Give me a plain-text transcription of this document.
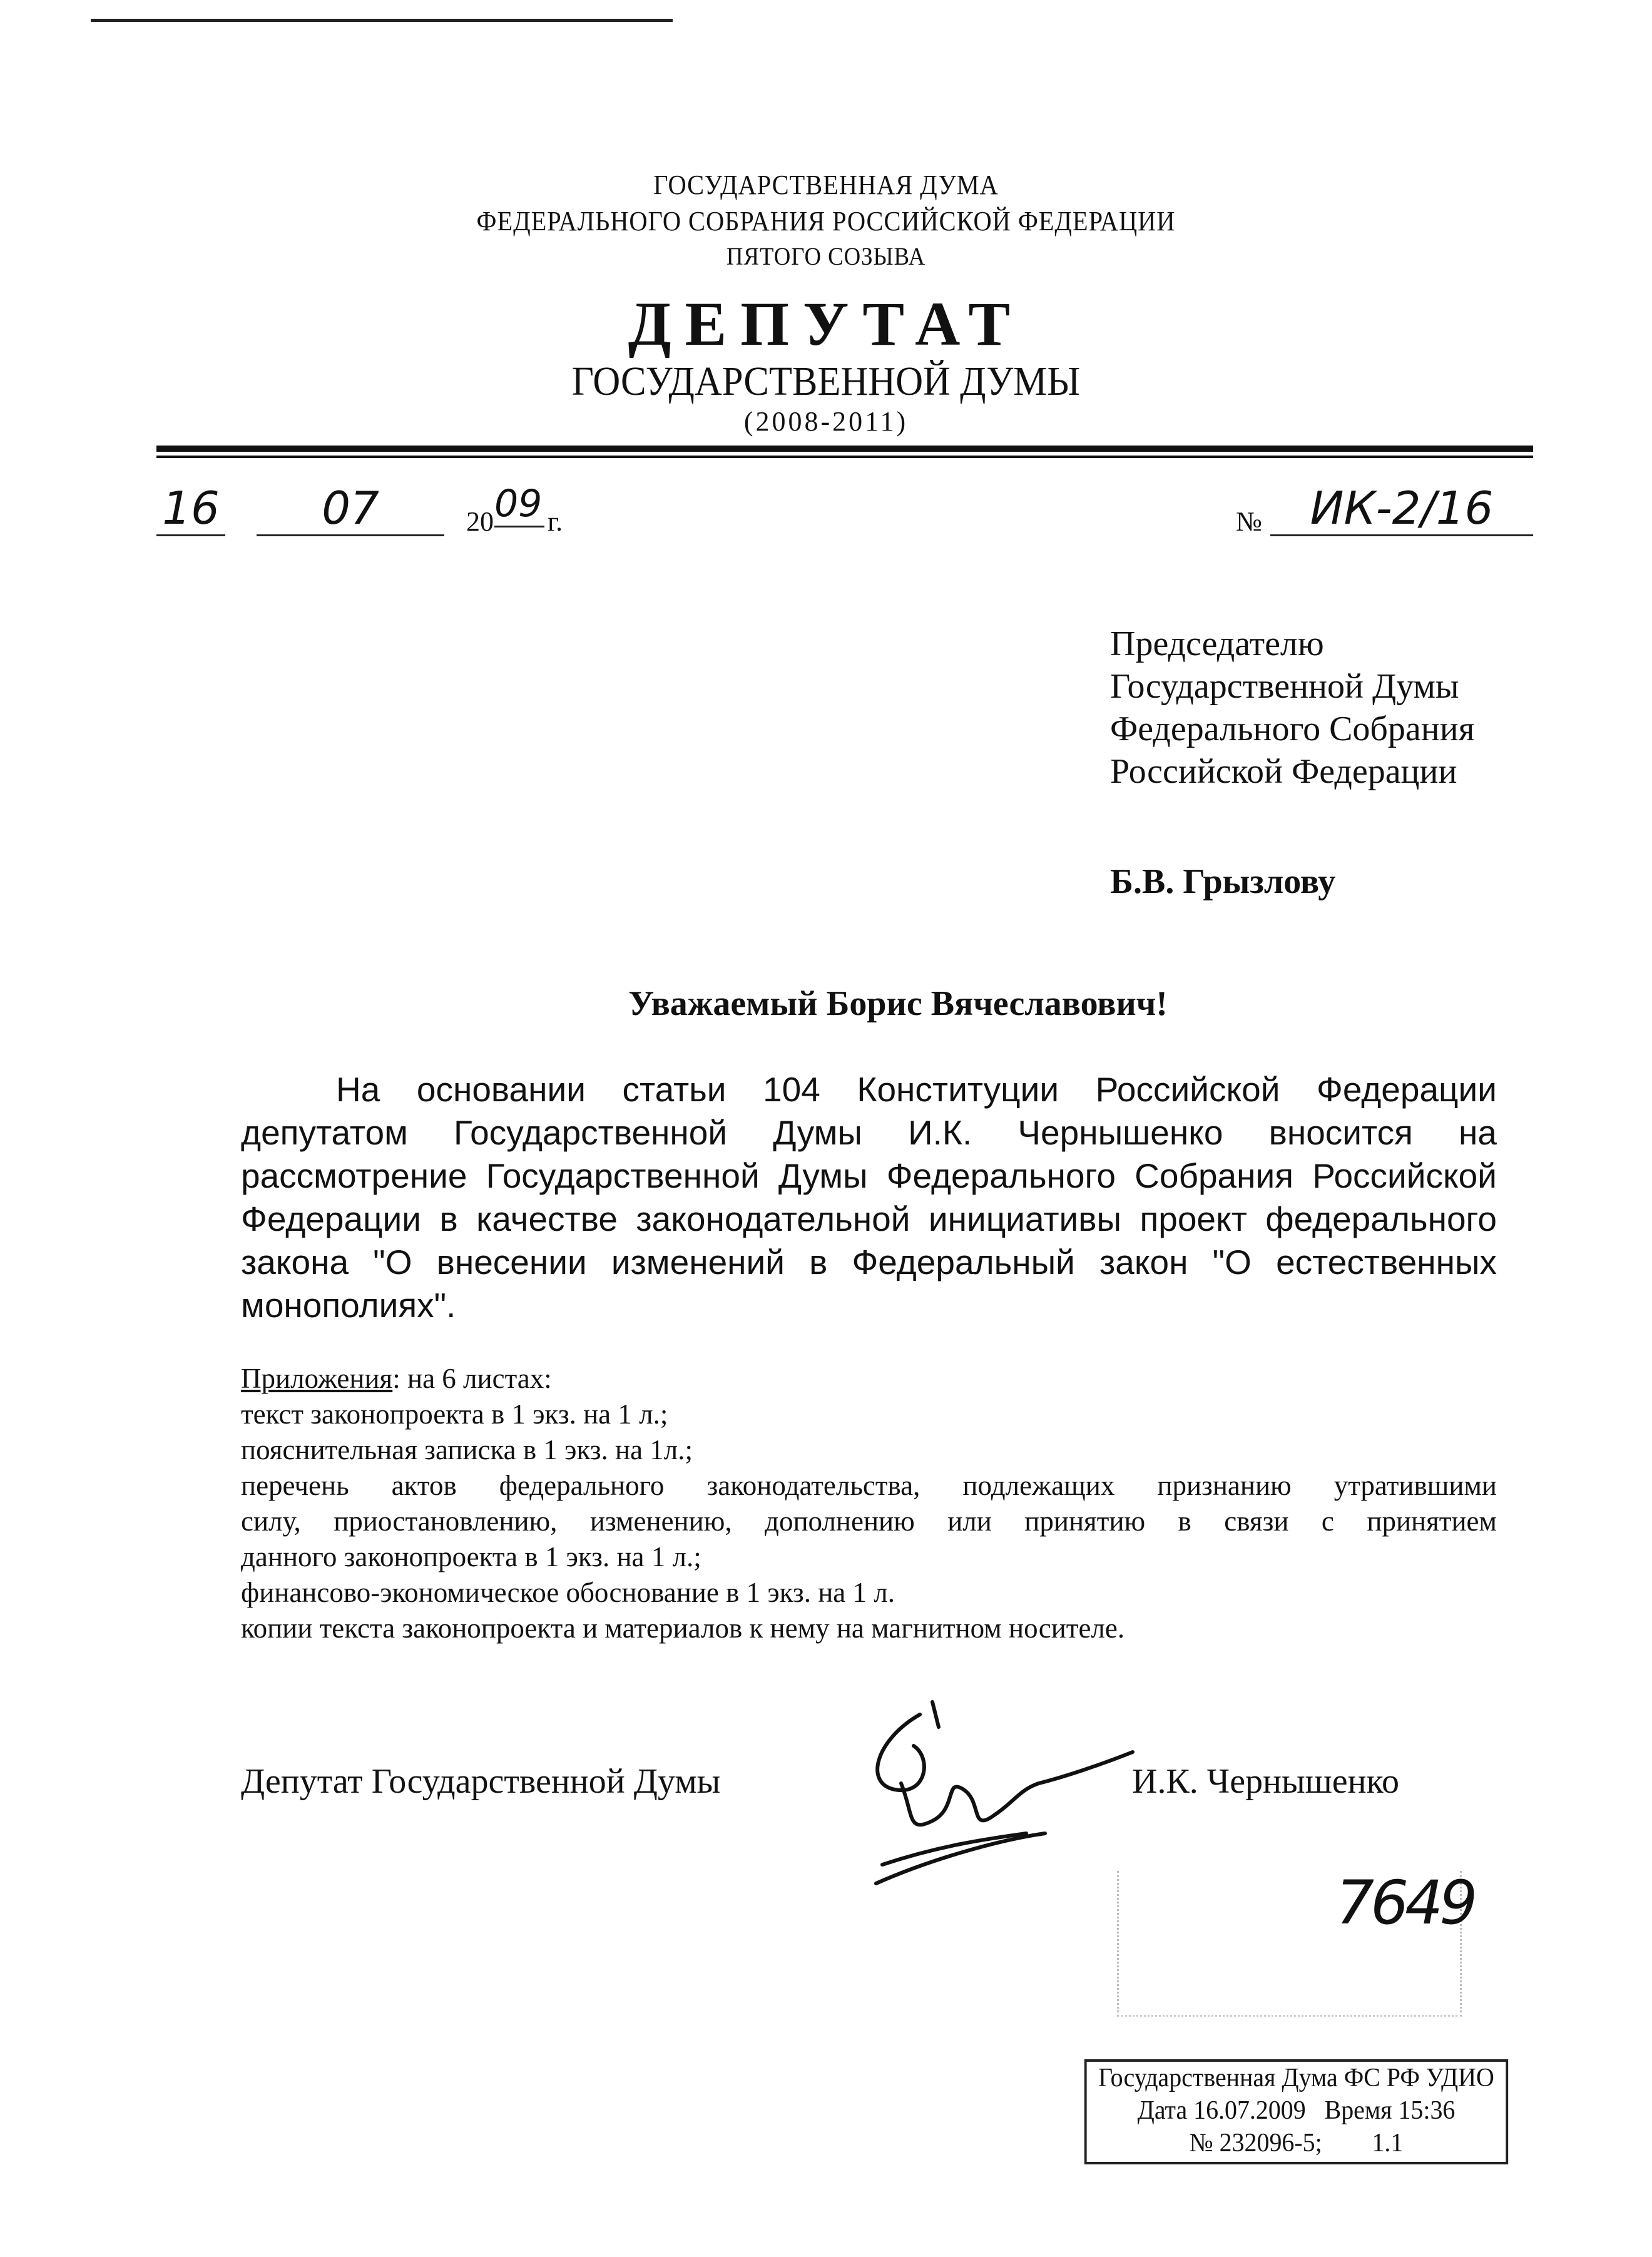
ГОСУДАРСТВЕННАЯ ДУМА
ФЕДЕРАЛЬНОГО СОБРАНИЯ РОССИЙСКОЙ ФЕДЕРАЦИИ
ПЯТОГО СОЗЫВА
ДЕПУТАТ
ГОСУДАРСТВЕННОЙ ДУМЫ
(2008-2011)
16	07	20 09 г.	№	ИК-2/16
Председателю
Государственной Думы
Федерального Собрания
Российской Федерации
Б.В. Грызлову
Уважаемый Борис Вячеславович!
На основании статьи 104 Конституции Российской Федерации
депутатом Государственной Думы И.К. Чернышенко вносится на
рассмотрение Государственной Думы Федерального Собрания Российской
Федерации в качестве законодательной инициативы проект федерального
закона "О внесении изменений в Федеральный закон "О естественных
монополиях".
Приложения: на 6 листах:
текст законопроекта в 1 экз. на 1 л.;
пояснительная записка в 1 экз. на 1л.;
перечень актов федерального законодательства, подлежащих признанию утратившими
силу, приостановлению, изменению, дополнению или принятию в связи с принятием
данного законопроекта в 1 экз. на 1 л.;
финансово-экономическое обоснование в 1 экз. на 1 л.
копии текста законопроекта и материалов к нему на магнитном носителе.
Депутат Государственной Думы	И.К. Чернышенко
7649
Государственная Дума ФС РФ УДИО
Дата 16.07.2009   Время 15:36
№ 232096-5;        1.1
